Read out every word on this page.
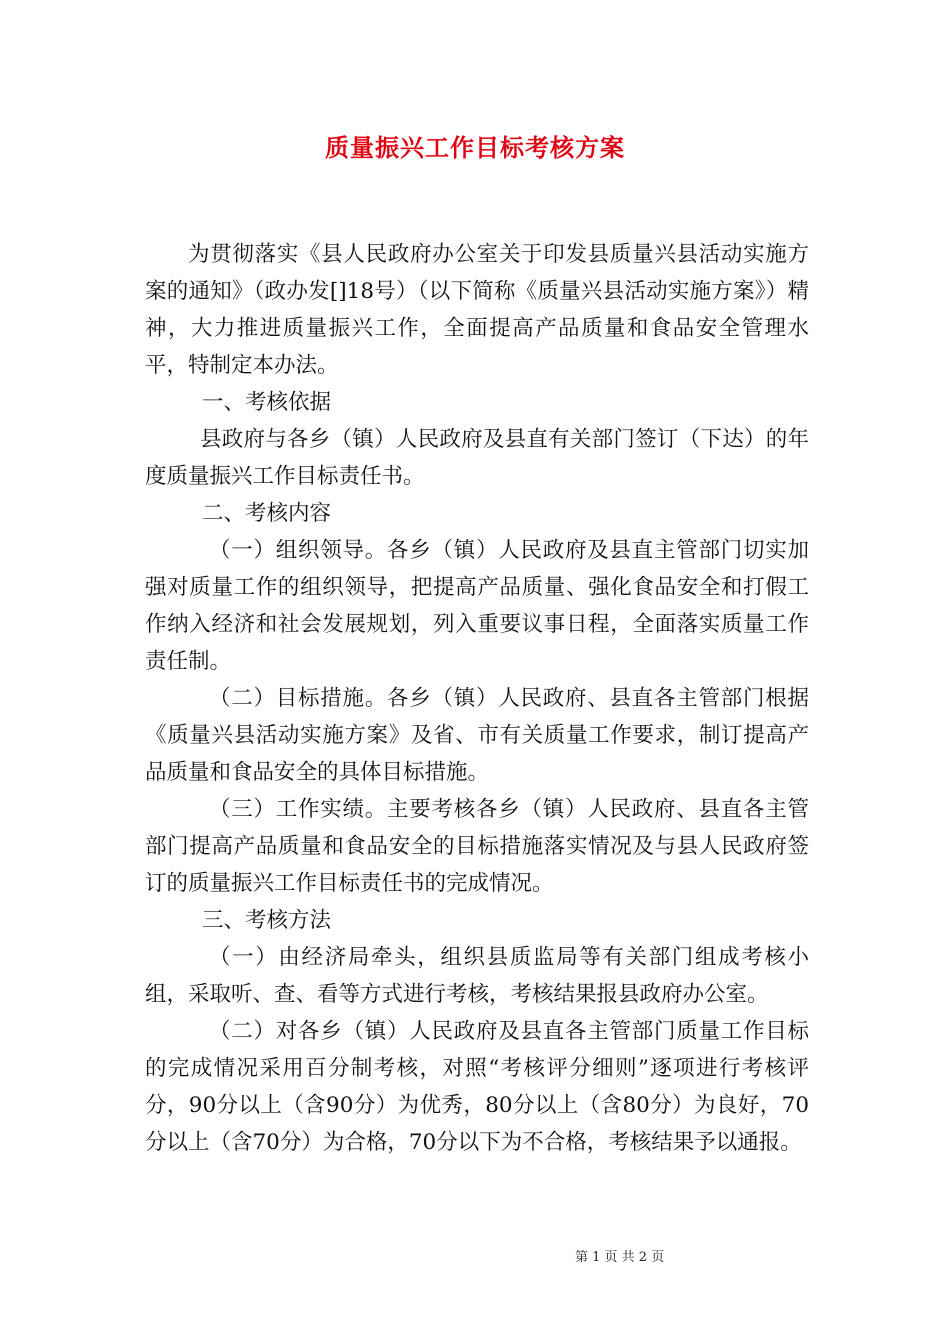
质量振兴工作目标考核方案

为贯彻落实《县人民政府办公室关于印发县质量兴县活动实施方案的通知》（政办发[]18号）（以下简称《质量兴县活动实施方案》）精神，大力推进质量振兴工作，全面提高产品质量和食品安全管理水平，特制定本办法。

一、考核依据

县政府与各乡（镇）人民政府及县直有关部门签订（下达）的年度质量振兴工作目标责任书。

二、考核内容

（一）组织领导。各乡（镇）人民政府及县直主管部门切实加强对质量工作的组织领导，把提高产品质量、强化食品安全和打假工作纳入经济和社会发展规划，列入重要议事日程，全面落实质量工作责任制。

（二）目标措施。各乡（镇）人民政府、县直各主管部门根据《质量兴县活动实施方案》及省、市有关质量工作要求，制订提高产品质量和食品安全的具体目标措施。

（三）工作实绩。主要考核各乡（镇）人民政府、县直各主管部门提高产品质量和食品安全的目标措施落实情况及与县人民政府签订的质量振兴工作目标责任书的完成情况。

三、考核方法

（一）由经济局牵头，组织县质监局等有关部门组成考核小组，采取听、查、看等方式进行考核，考核结果报县政府办公室。

（二）对各乡（镇）人民政府及县直各主管部门质量工作目标的完成情况采用百分制考核，对照“考核评分细则”逐项进行考核评分，90分以上（含90分）为优秀，80分以上（含80分）为良好，70分以上（含70分）为合格，70分以下为不合格，考核结果予以通报。

第 1 页 共 2 页
